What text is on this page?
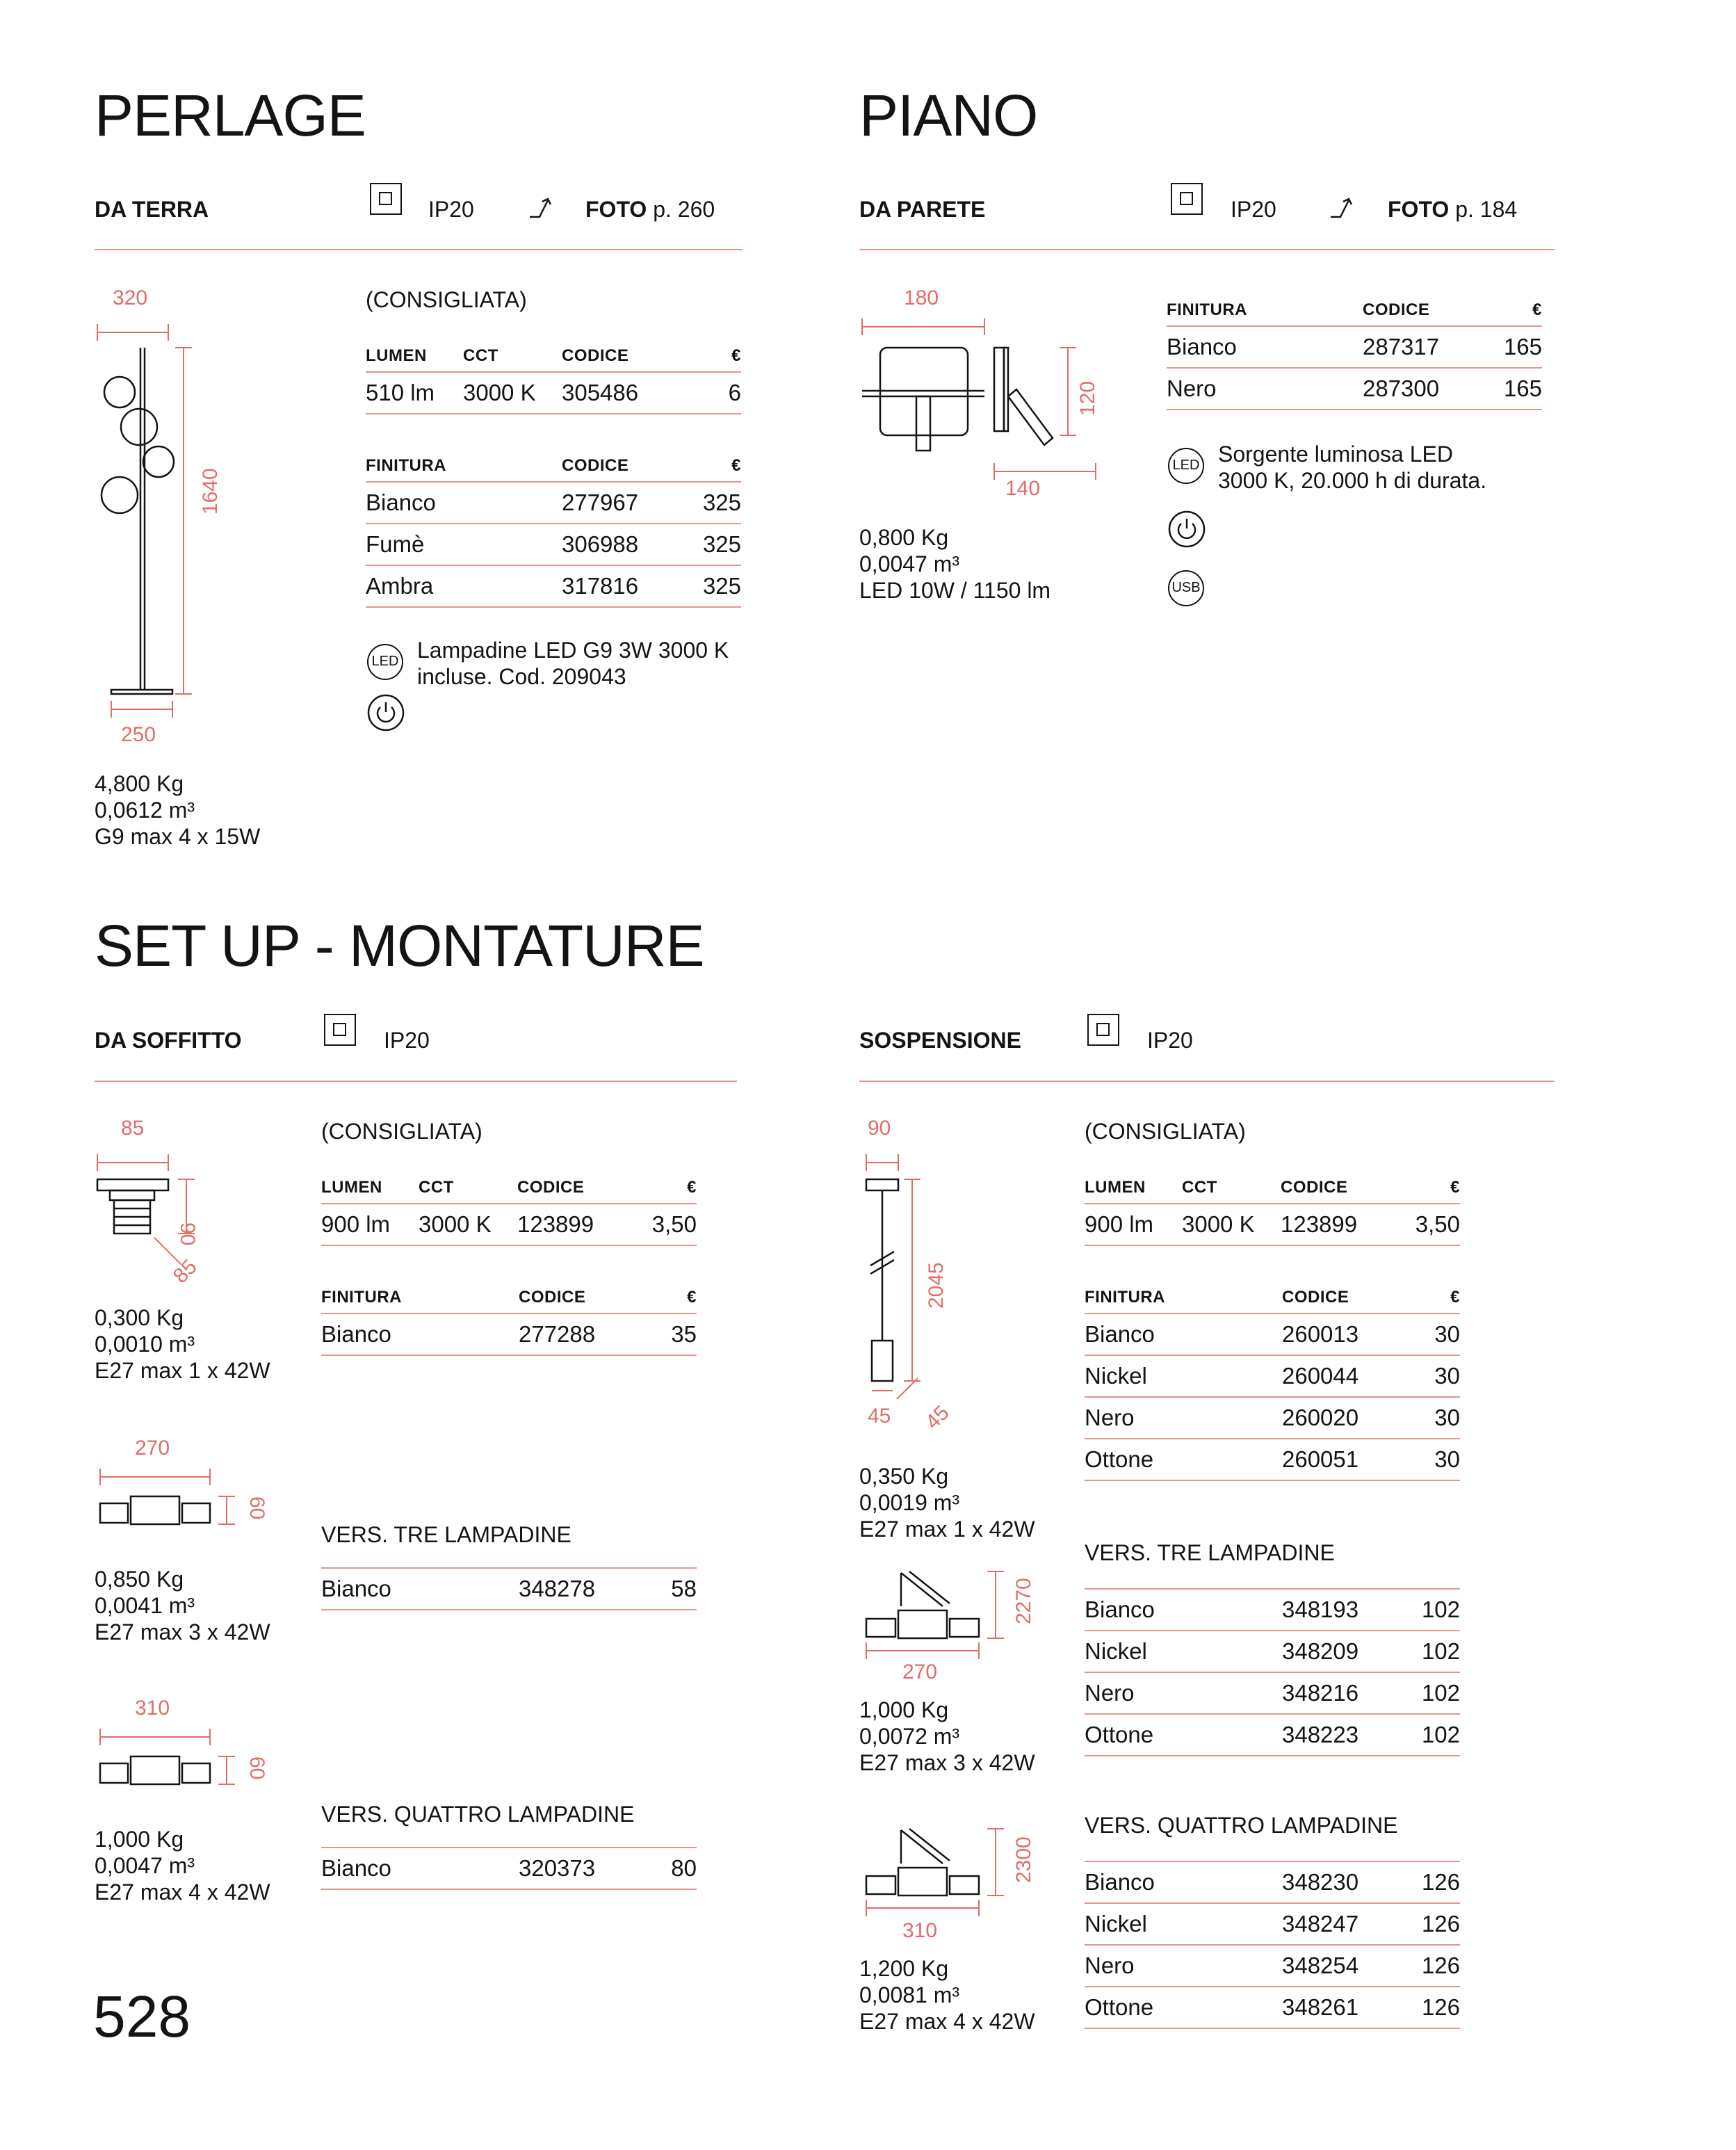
PERLAGE
DA TERRA	IP20	FOTO p. 260
320
1640
250
4,800 Kg
0,0612 m³
G9 max 4 x 15W
(CONSIGLIATA)
LUMEN CCT	CODICE	€
510 lm 3000 K 305486	6
FINITURA	CODICE	€
Bianco	277967	325
Fumè	306988	325
Ambra	317816	325
LED Lampadine LED G9 3W 3000 K
incluse. Cod. 209043
PIANO
DA PARETE	IP20	FOTO p. 184
180
120
140
0,800 Kg
0,0047 m³
LED 10W / 1150 lm
FINITURA	CODICE	€
Bianco	287317	165
Nero	287300	165
LED Sorgente luminosa LED
3000 K, 20.000 h di durata.
USB
SET UP - MONTATURE
DA SOFFITTO	IP20
85
90
85
0,300 Kg
0,0010 m³
E27 max 1 x 42W
(CONSIGLIATA)
LUMEN CCT	CODICE	€
900 lm 3000 K 123899	3,50
FINITURA	CODICE	€
Bianco	277288	35
270
60
0,850 Kg
0,0041 m³
E27 max 3 x 42W
VERS. TRE LAMPADINE
Bianco	348278	58
310
60
1,000 Kg
0,0047 m³
E27 max 4 x 42W
VERS. QUATTRO LAMPADINE
Bianco	320373	80
SOSPENSIONE	IP20
90
2045
45 45
0,350 Kg
0,0019 m³
E27 max 1 x 42W
(CONSIGLIATA)
LUMEN CCT	CODICE	€
900 lm 3000 K 123899	3,50
FINITURA	CODICE	€
Bianco	260013	30
Nickel	260044	30
Nero	260020	30
Ottone	260051	30
270
2270
1,000 Kg
0,0072 m³
E27 max 3 x 42W
VERS. TRE LAMPADINE
Bianco	348193	102
Nickel	348209	102
Nero	348216	102
Ottone	348223	102
310
2300
1,200 Kg
0,0081 m³
E27 max 4 x 42W
VERS. QUATTRO LAMPADINE
Bianco	348230	126
Nickel	348247	126
Nero	348254	126
Ottone	348261	126
528
